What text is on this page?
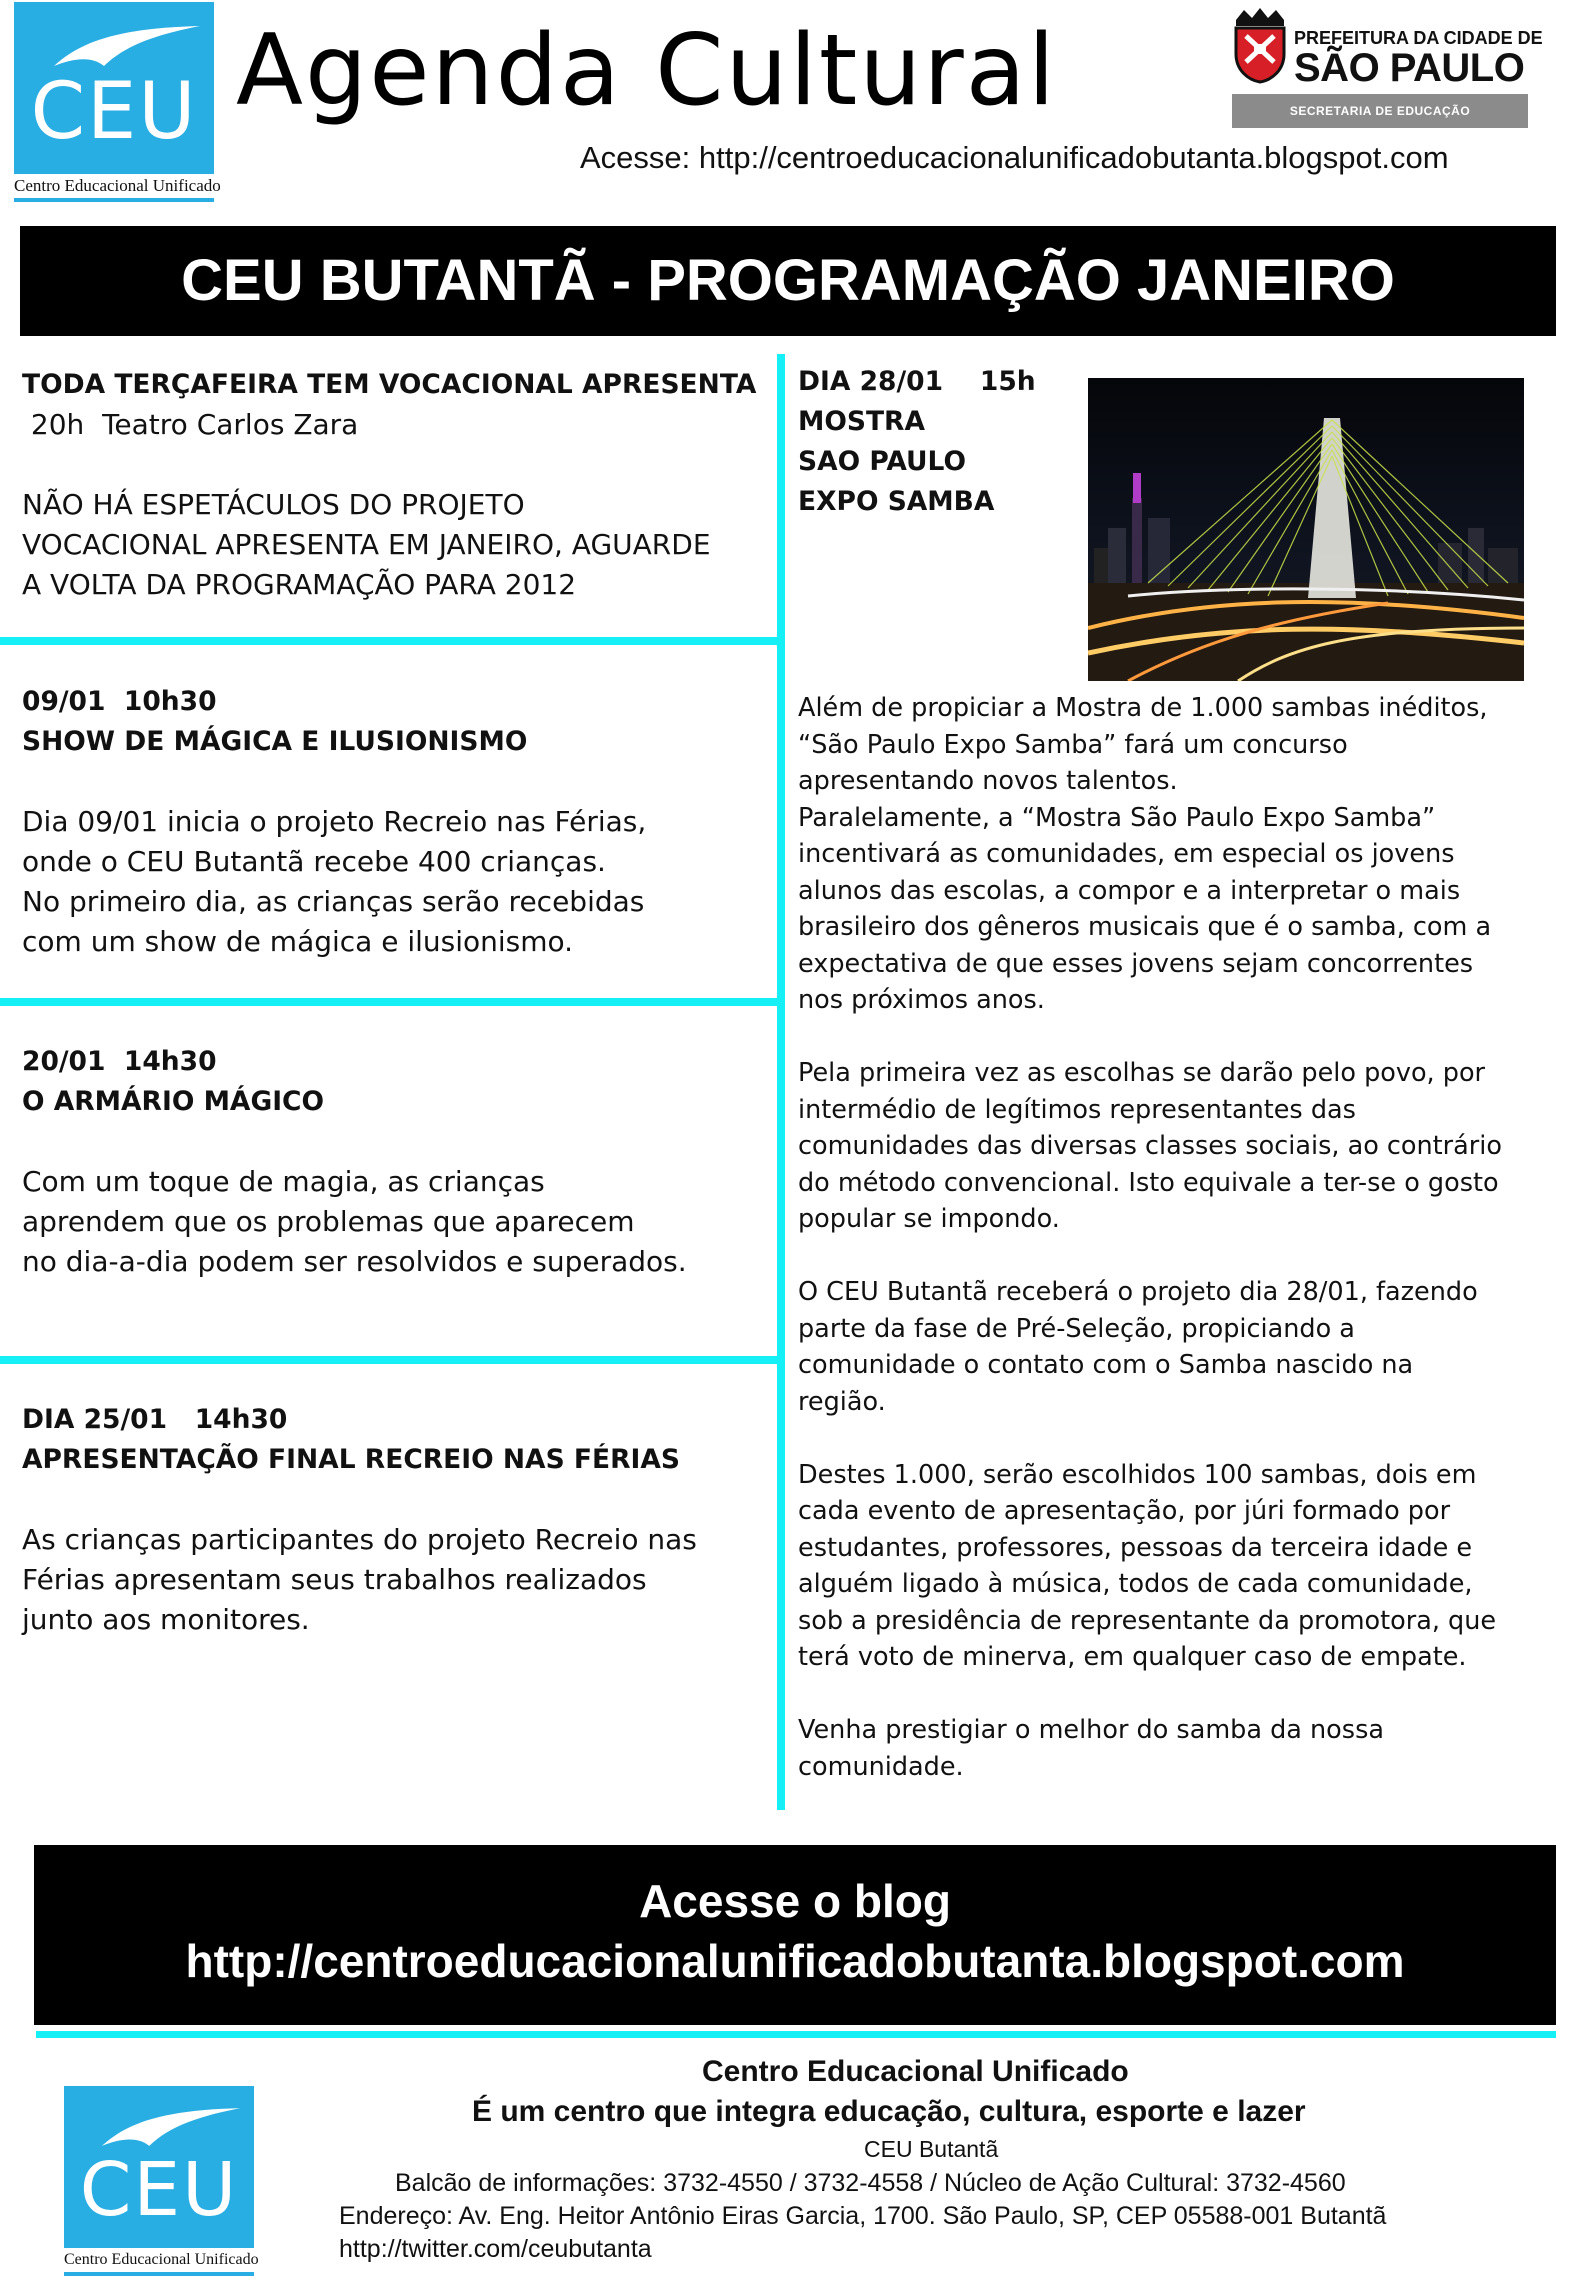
CEU
Centro Educacional Unificado
Agenda Cultural
Acesse: http://centroeducacionalunificadobutanta.blogspot.com
PREFEITURA DA CIDADE DE
SÃO PAULO
SECRETARIA DE EDUCAÇÃO
CEU BUTANTÃ - PROGRAMAÇÃO JANEIRO
TODA TERÇAFEIRA TEM VOCACIONAL APRESENTA
20h  Teatro Carlos Zara
NÃO HÁ ESPETÁCULOS DO PROJETO
VOCACIONAL APRESENTA EM JANEIRO, AGUARDE
A VOLTA DA PROGRAMAÇÃO PARA 2012
09/01  10h30
SHOW DE MÁGICA E ILUSIONISMO
Dia 09/01 inicia o projeto Recreio nas Férias,
onde o CEU Butantã recebe 400 crianças.
No primeiro dia, as crianças serão recebidas
com um show de mágica e ilusionismo.
20/01  14h30
O ARMÁRIO MÁGICO
Com um toque de magia, as crianças
aprendem que os problemas que aparecem
no dia-a-dia podem ser resolvidos e superados.
DIA 25/01   14h30
APRESENTAÇÃO FINAL RECREIO NAS FÉRIAS
As crianças participantes do projeto Recreio nas
Férias apresentam seus trabalhos realizados
junto aos monitores.
DIA 28/01    15h
MOSTRA
SAO PAULO
EXPO SAMBA

Além de propiciar a Mostra de 1.000 sambas inéditos,
“São Paulo Expo Samba” fará um concurso
apresentando novos talentos.
Paralelamente, a “Mostra São Paulo Expo Samba”
incentivará as comunidades, em especial os jovens
alunos das escolas, a compor e a interpretar o mais
brasileiro dos gêneros musicais que é o samba, com a
expectativa de que esses jovens sejam concorrentes
nos próximos anos.

Pela primeira vez as escolhas se darão pelo povo, por
intermédio de legítimos representantes das
comunidades das diversas classes sociais, ao contrário
do método convencional. Isto equivale a ter-se o gosto
popular se impondo.

O CEU Butantã receberá o projeto dia 28/01, fazendo
parte da fase de Pré-Seleção, propiciando a
comunidade o contato com o Samba nascido na
região.

Destes 1.000, serão escolhidos 100 sambas, dois em
cada evento de apresentação, por júri formado por
estudantes, professores, pessoas da terceira idade e
alguém ligado à música, todos de cada comunidade,
sob a presidência de representante da promotora, que
terá voto de minerva, em qualquer caso de empate.

Venha prestigiar o melhor do samba da nossa
comunidade.

Acesse o blog
http://centroeducacionalunificadobutanta.blogspot.com
CEU
Centro Educacional Unificado
Centro Educacional Unificado
É um centro que integra educação, cultura, esporte e lazer
CEU Butantã
Balcão de informações: 3732-4550 / 3732-4558 / Núcleo de Ação Cultural: 3732-4560
Endereço: Av. Eng. Heitor Antônio Eiras Garcia, 1700. São Paulo, SP, CEP 05588-001 Butantã
http://twitter.com/ceubutanta
